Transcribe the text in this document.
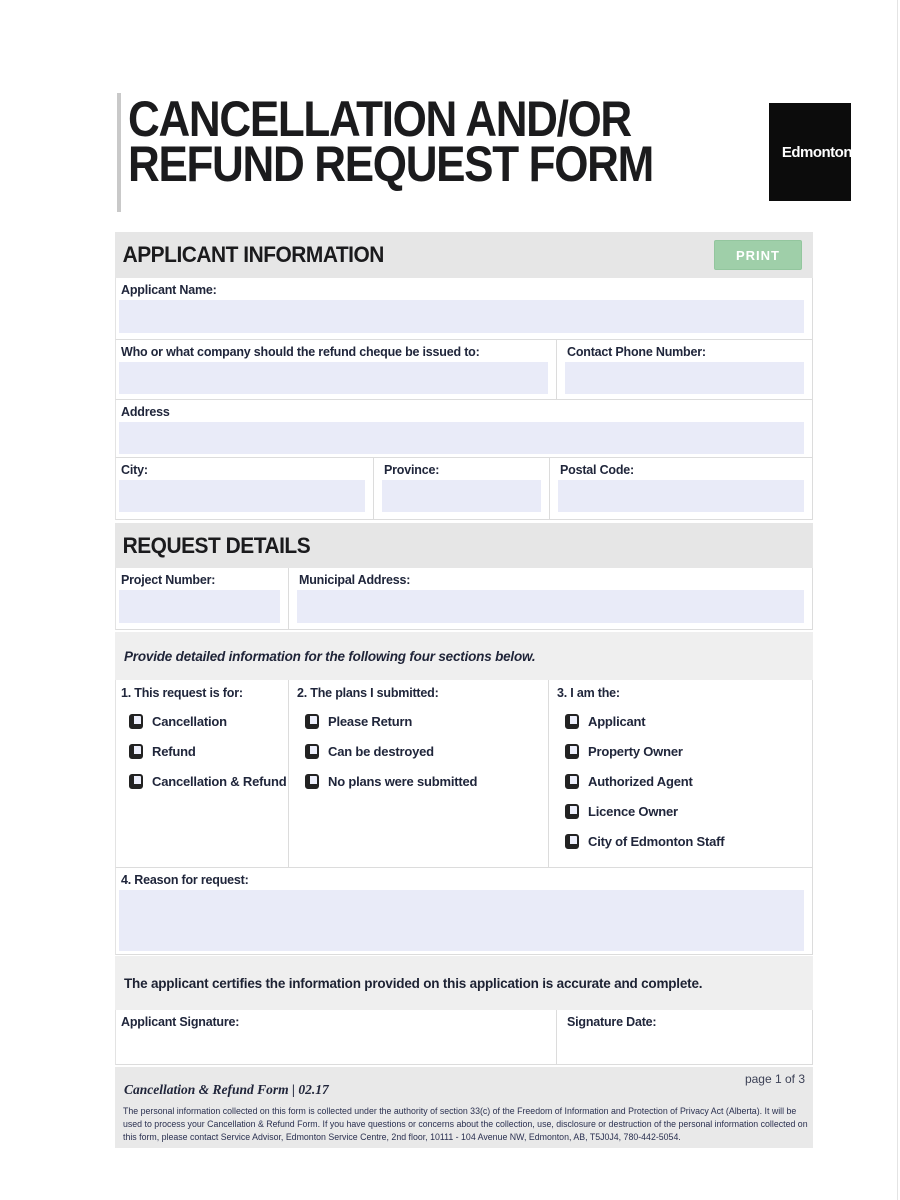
CANCELLATION AND/OR
REFUND REQUEST FORM	Edmonton
APPLICANT INFORMATION	PRINT
Applicant Name:
Who or what company should the refund cheque be issued to:	Contact Phone Number:
Address
City:	Province:	Postal Code:
REQUEST DETAILS
Project Number:	Municipal Address:
Provide detailed information for the following four sections below.
1. This request is for:
Cancellation
Refund
Cancellation & Refund
2. The plans I submitted:
Please Return
Can be destroyed
No plans were submitted
3. I am the:
Applicant
Property Owner
Authorized Agent
Licence Owner
City of Edmonton Staff
4. Reason for request:
The applicant certifies the information provided on this application is accurate and complete.
Applicant Signature:	Signature Date:
page 1 of 3
Cancellation & Refund Form | 02.17
The personal information collected on this form is collected under the authority of section 33(c) of the Freedom of Information and Protection of Privacy Act (Alberta). It will be used to process your Cancellation & Refund Form. If you have questions or concerns about the collection, use, disclosure or destruction of the personal information collected on this form, please contact Service Advisor, Edmonton Service Centre, 2nd floor, 10111 - 104 Avenue NW, Edmonton, AB, T5J0J4, 780-442-5054.
